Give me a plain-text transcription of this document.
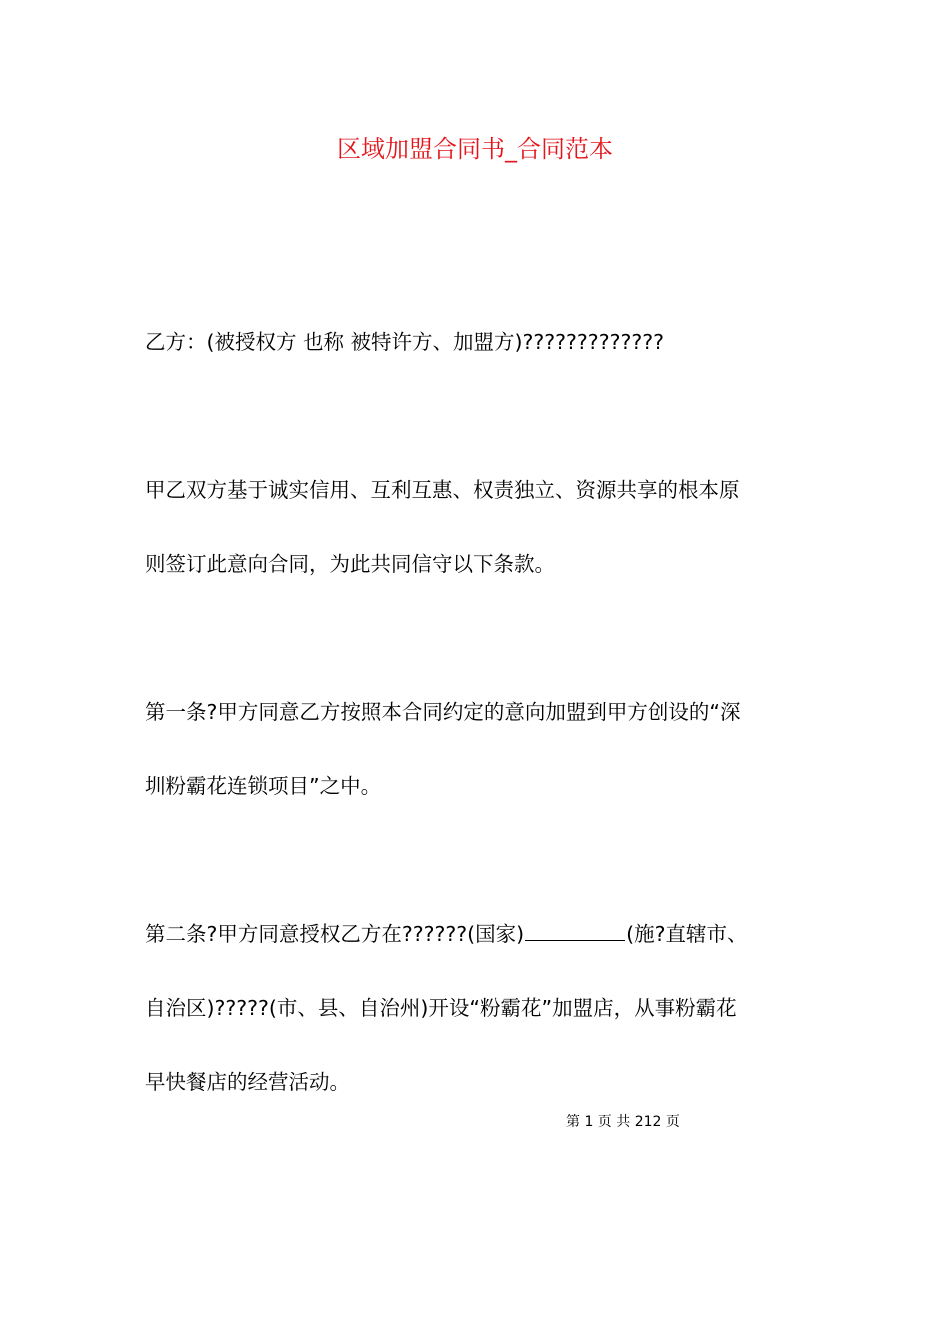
区域加盟合同书_合同范本

乙方：(被授权方 也称 被特许方、加盟方)?????????????

甲乙双方基于诚实信用、互利互惠、权责独立、资源共享的根本原
则签订此意向合同，为此共同信守以下条款。

第一条?甲方同意乙方按照本合同约定的意向加盟到甲方创设的“深
圳粉霸花连锁项目”之中。

第二条?甲方同意授权乙方在??????(国家)	(施?直辖市、
自治区)?????(市、县、自治州)开设“粉霸花”加盟店，从事粉霸花
早快餐店的经营活动。

第 1 页 共 212 页
